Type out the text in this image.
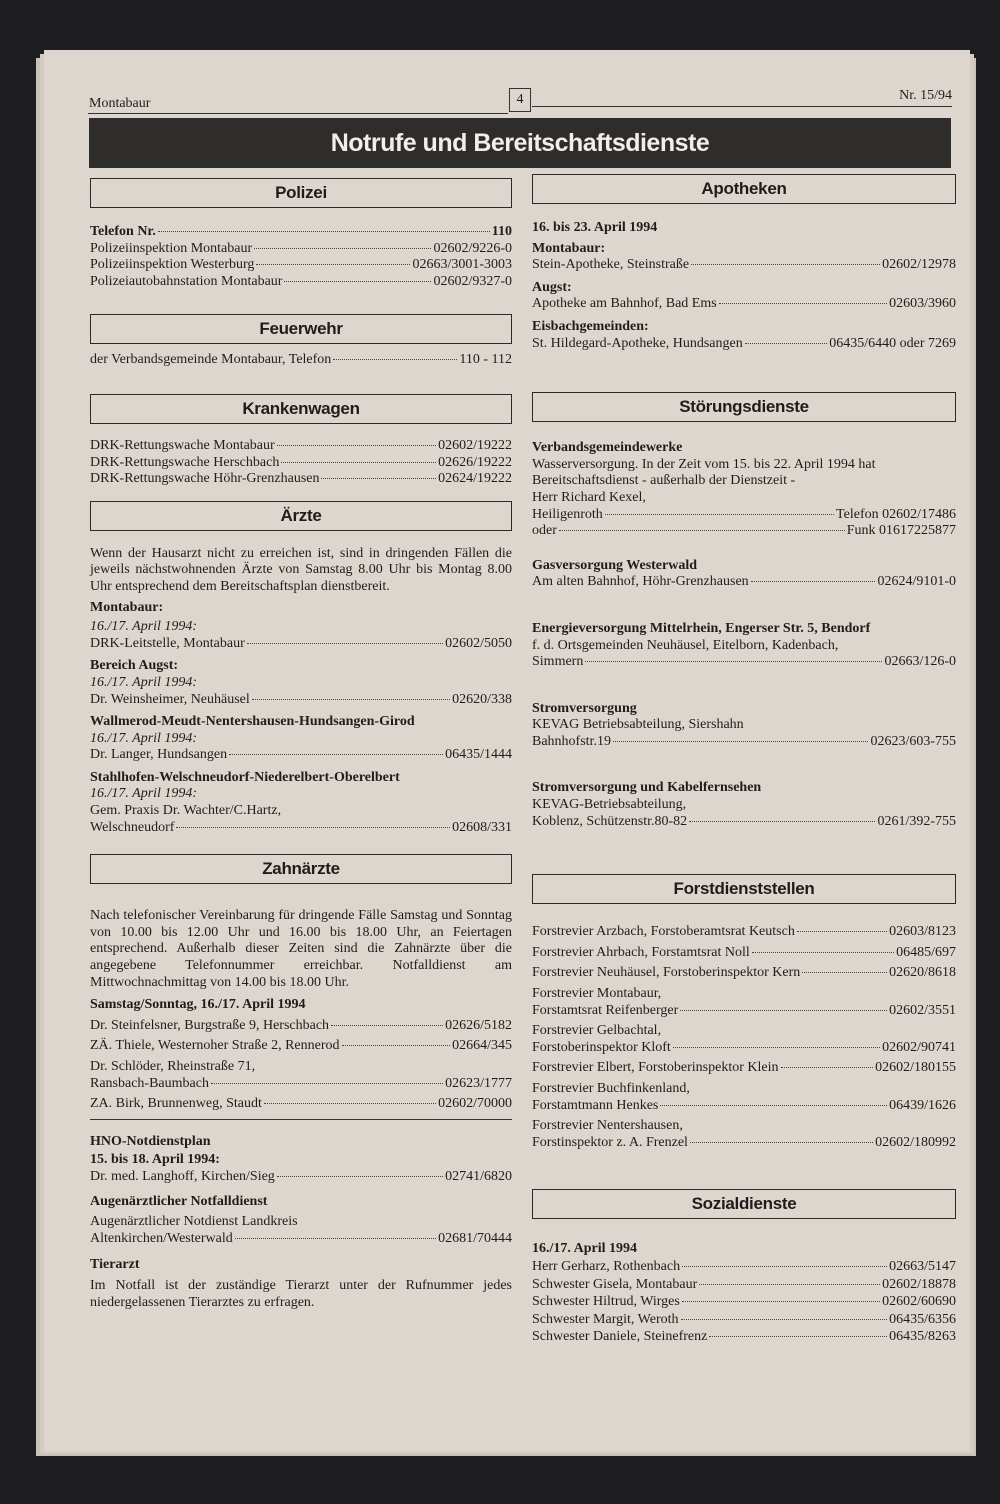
Montabaur	4	Nr. 15/94
Notrufe und Bereitschaftsdienste
Polizei
Telefon Nr.	110
Polizeiinspektion Montabaur	02602/9226-0
Polizeiinspektion Westerburg	02663/3001-3003
Polizeiautobahnstation Montabaur	02602/9327-0
Feuerwehr
der Verbandsgemeinde Montabaur, Telefon	110 - 112
Krankenwagen
DRK-Rettungswache Montabaur	02602/19222
DRK-Rettungswache Herschbach	02626/19222
DRK-Rettungswache Höhr-Grenzhausen	02624/19222
Ärzte
Wenn der Hausarzt nicht zu erreichen ist, sind in dringenden Fällen die jeweils nächstwohnenden Ärzte von Samstag 8.00 Uhr bis Montag 8.00 Uhr entsprechend dem Bereitschaftsplan dienstbereit.
Montabaur:
16./17. April 1994:
DRK-Leitstelle, Montabaur	02602/5050
Bereich Augst:
16./17. April 1994:
Dr. Weinsheimer, Neuhäusel	02620/338
Wallmerod-Meudt-Nentershausen-Hundsangen-Girod
16./17. April 1994:
Dr. Langer, Hundsangen	06435/1444
Stahlhofen-Welschneudorf-Niederelbert-Oberelbert
16./17. April 1994:
Gem. Praxis Dr. Wachter/C.Hartz,
Welschneudorf	02608/331
Zahnärzte
Nach telefonischer Vereinbarung für dringende Fälle Samstag und Sonntag von 10.00 bis 12.00 Uhr und 16.00 bis 18.00 Uhr, an Feiertagen entsprechend. Außerhalb dieser Zeiten sind die Zahnärzte über die angegebene Telefonnummer erreichbar. Notfalldienst am Mittwochnachmittag von 14.00 bis 18.00 Uhr.
Samstag/Sonntag, 16./17. April 1994
Dr. Steinfelsner, Burgstraße 9, Herschbach	02626/5182
ZÄ. Thiele, Westernoher Straße 2, Rennerod	02664/345
Dr. Schlöder, Rheinstraße 71,
Ransbach-Baumbach	02623/1777
ZA. Birk, Brunnenweg, Staudt	02602/70000
HNO-Notdienstplan
15. bis 18. April 1994:
Dr. med. Langhoff, Kirchen/Sieg	02741/6820
Augenärztlicher Notfalldienst
Augenärztlicher Notdienst Landkreis
Altenkirchen/Westerwald	02681/70444
Tierarzt
Im Notfall ist der zuständige Tierarzt unter der Rufnummer jedes niedergelassenen Tierarztes zu erfragen.
Apotheken
16. bis 23. April 1994
Montabaur:
Stein-Apotheke, Steinstraße	02602/12978
Augst:
Apotheke am Bahnhof, Bad Ems	02603/3960
Eisbachgemeinden:
St. Hildegard-Apotheke, Hundsangen	06435/6440 oder 7269
Störungsdienste
Verbandsgemeindewerke
Wasserversorgung. In der Zeit vom 15. bis 22. April 1994 hat
Bereitschaftsdienst - außerhalb der Dienstzeit -
Herr Richard Kexel,
Heiligenroth	Telefon 02602/17486
oder	Funk 01617225877
Gasversorgung Westerwald
Am alten Bahnhof, Höhr-Grenzhausen	02624/9101-0
Energieversorgung Mittelrhein, Engerser Str. 5, Bendorf
f. d. Ortsgemeinden Neuhäusel, Eitelborn, Kadenbach,
Simmern	02663/126-0
Stromversorgung
KEVAG Betriebsabteilung, Siershahn
Bahnhofstr.19	02623/603-755
Stromversorgung und Kabelfernsehen
KEVAG-Betriebsabteilung,
Koblenz, Schützenstr.80-82	0261/392-755
Forstdienststellen
Forstrevier Arzbach, Forstoberamtsrat Keutsch	02603/8123
Forstrevier Ahrbach, Forstamtsrat Noll	06485/697
Forstrevier Neuhäusel, Forstoberinspektor Kern	02620/8618
Forstrevier Montabaur,
Forstamtsrat Reifenberger	02602/3551
Forstrevier Gelbachtal,
Forstoberinspektor Kloft	02602/90741
Forstrevier Elbert, Forstoberinspektor Klein	02602/180155
Forstrevier Buchfinkenland,
Forstamtmann Henkes	06439/1626
Forstrevier Nentershausen,
Forstinspektor z. A. Frenzel	02602/180992
Sozialdienste
16./17. April 1994
Herr Gerharz, Rothenbach	02663/5147
Schwester Gisela, Montabaur	02602/18878
Schwester Hiltrud, Wirges	02602/60690
Schwester Margit, Weroth	06435/6356
Schwester Daniele, Steinefrenz	06435/8263
